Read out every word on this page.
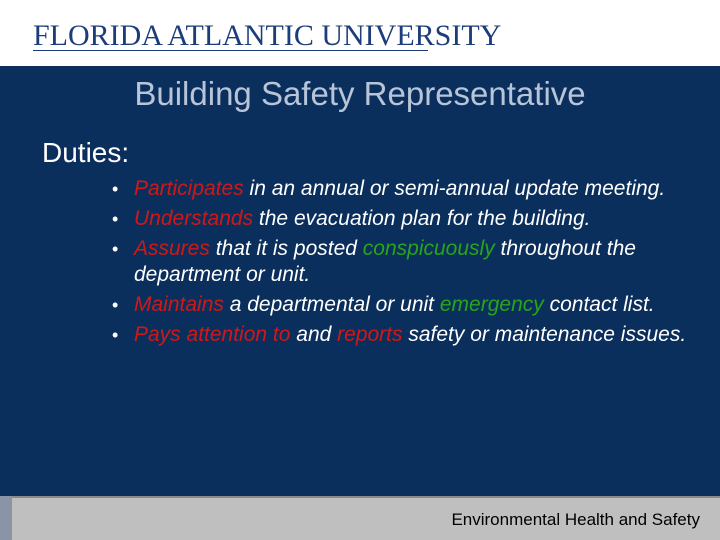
FLORIDA ATLANTIC UNIVERSITY
Building Safety Representative
Duties:
• Participates in an annual or semi-annual update meeting.
• Understands the evacuation plan for the building.
• Assures that it is posted conspicuously throughout the department or unit.
• Maintains a departmental or unit emergency contact list.
• Pays attention to and reports safety or maintenance issues.
Environmental Health and Safety
